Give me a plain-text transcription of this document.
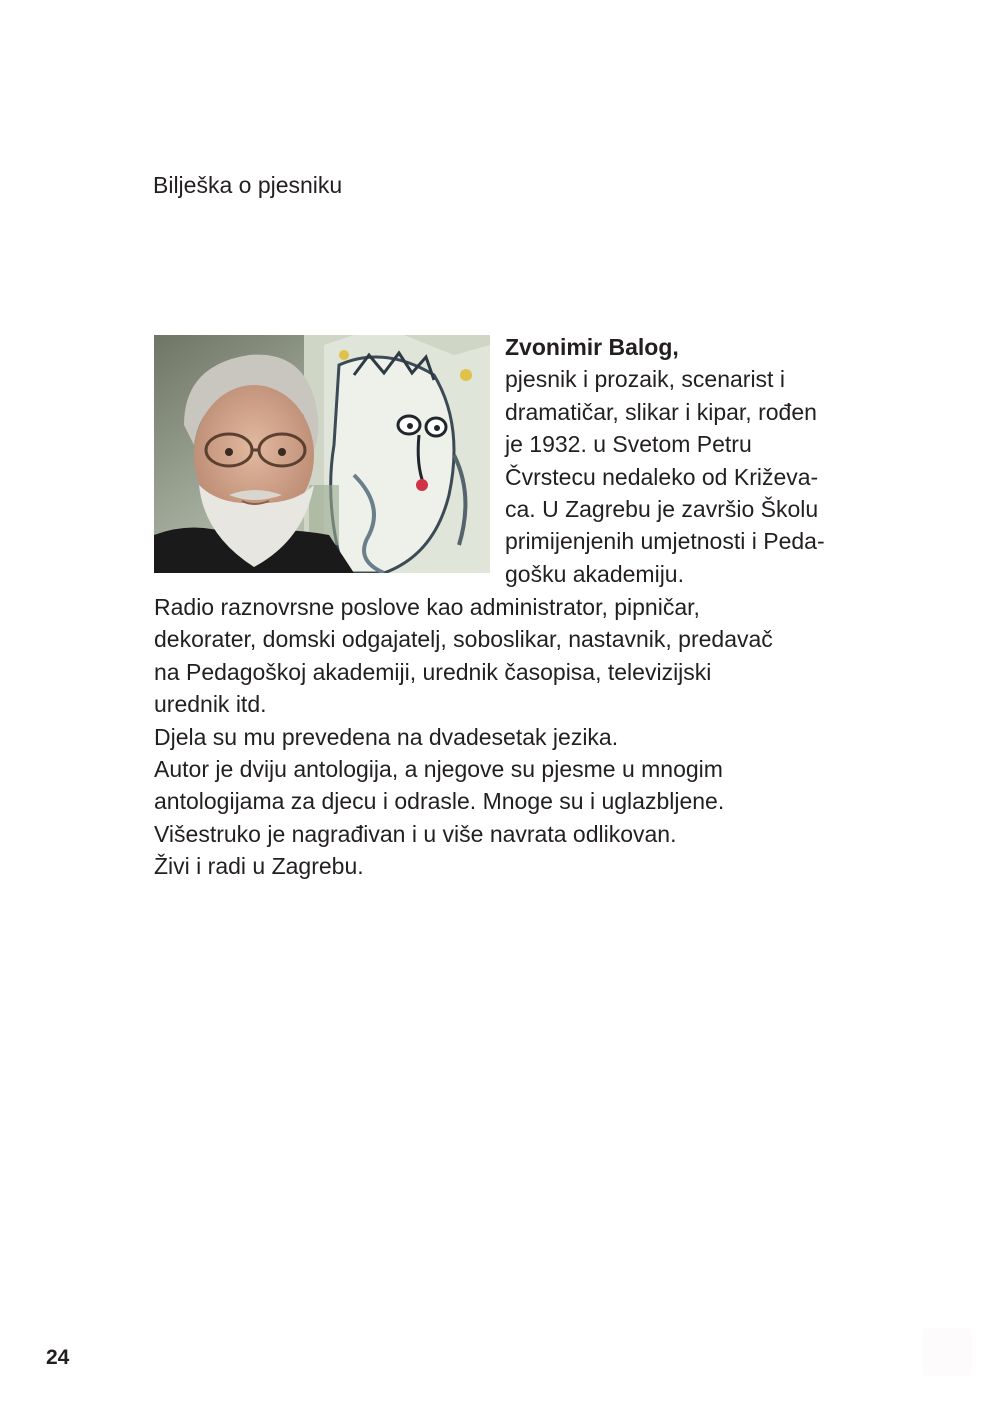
Bilješka o pjesniku
Zvonimir Balog,
pjesnik i prozaik, scenarist i
dramatičar, slikar i kipar, rođen
je 1932. u Svetom Petru
Čvrstecu nedaleko od Križeva-
ca. U Zagrebu je završio Školu
primijenjenih umjetnosti i Peda-
gošku akademiju.
Radio raznovrsne poslove kao administrator, pipničar,
dekorater, domski odgajatelj, soboslikar, nastavnik, predavač
na Pedagoškoj akademiji, urednik časopisa, televizijski
urednik itd.
Djela su mu prevedena na dvadesetak jezika.
Autor je dviju antologija, a njegove su pjesme u mnogim
antologijama za djecu i odrasle. Mnoge su i uglazbljene.
Višestruko je nagrađivan i u više navrata odlikovan.
Živi i radi u Zagrebu.
24
